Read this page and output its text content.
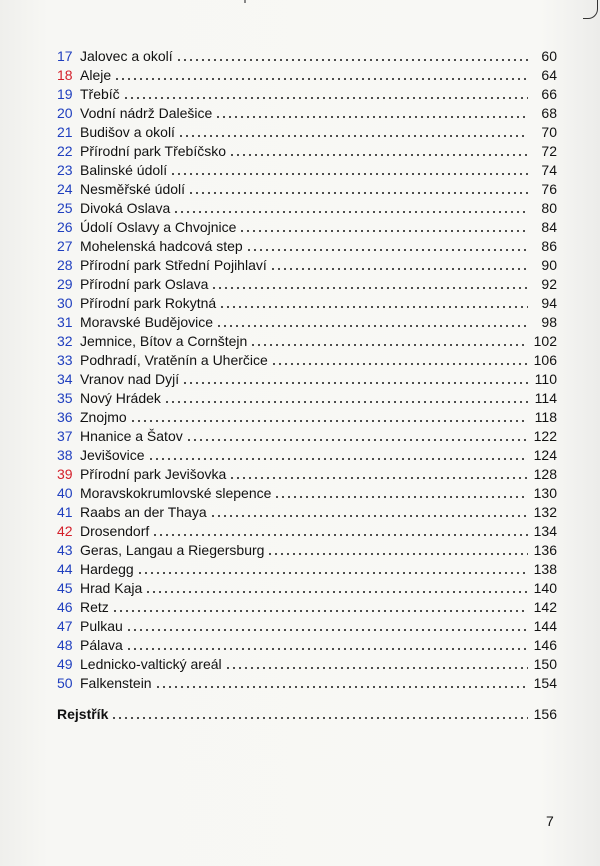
17 Jalovec a okolí	60
18 Aleje	64
19 Třebíč	66
20 Vodní nádrž Dalešice	68
21 Budišov a okolí	70
22 Přírodní park Třebíčsko	72
23 Balinské údolí	74
24 Nesměřské údolí	76
25 Divoká Oslava	80
26 Údolí Oslavy a Chvojnice	84
27 Mohelenská hadcová step	86
28 Přírodní park Střední Pojihlaví	90
29 Přírodní park Oslava	92
30 Přírodní park Rokytná	94
31 Moravské Budějovice	98
32 Jemnice, Bítov a Cornštejn	102
33 Podhradí, Vratěnín a Uherčice	106
34 Vranov nad Dyjí	110
35 Nový Hrádek	114
36 Znojmo	118
37 Hnanice a Šatov	122
38 Jevišovice	124
39 Přírodní park Jevišovka	128
40 Moravskokrumlovské slepence	130
41 Raabs an der Thaya	132
42 Drosendorf	134
43 Geras, Langau a Riegersburg	136
44 Hardegg	138
45 Hrad Kaja	140
46 Retz	142
47 Pulkau	144
48 Pálava	146
49 Lednicko-valtický areál	150
50 Falkenstein	154
Rejstřík	156
7
